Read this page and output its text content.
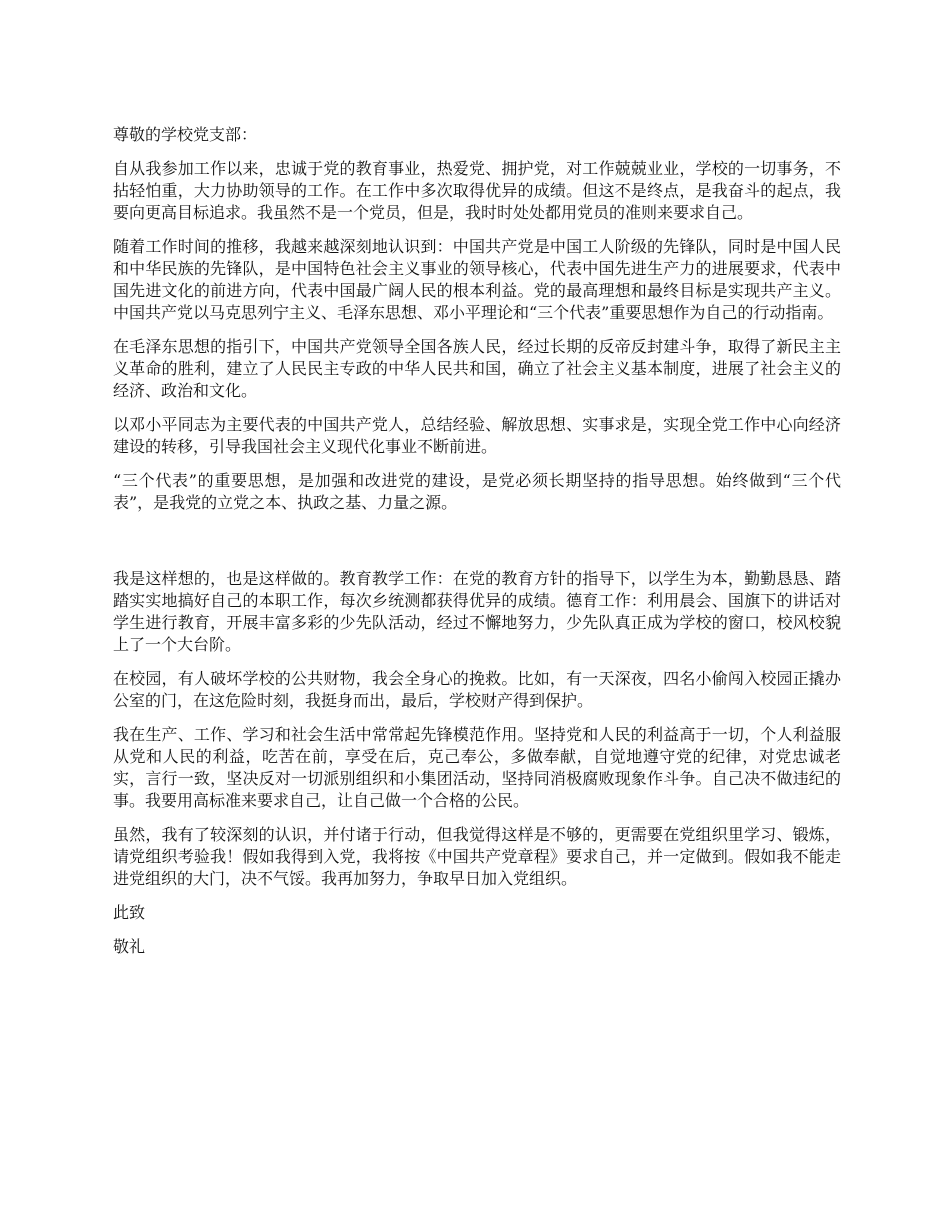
尊敬的学校党支部：

自从我参加工作以来，忠诚于党的教育事业，热爱党、拥护党，对工作兢兢业业，学校的一切事务，不拈轻怕重，大力协助领导的工作。在工作中多次取得优异的成绩。但这不是终点，是我奋斗的起点，我要向更高目标追求。我虽然不是一个党员，但是，我时时处处都用党员的准则来要求自己。

随着工作时间的推移，我越来越深刻地认识到：中国共产党是中国工人阶级的先锋队，同时是中国人民和中华民族的先锋队，是中国特色社会主义事业的领导核心，代表中国先进生产力的进展要求，代表中国先进文化的前进方向，代表中国最广阔人民的根本利益。党的最高理想和最终目标是实现共产主义。中国共产党以马克思列宁主义、毛泽东思想、邓小平理论和“三个代表”重要思想作为自己的行动指南。

在毛泽东思想的指引下，中国共产党领导全国各族人民，经过长期的反帝反封建斗争，取得了新民主主义革命的胜利，建立了人民民主专政的中华人民共和国，确立了社会主义基本制度，进展了社会主义的经济、政治和文化。

以邓小平同志为主要代表的中国共产党人，总结经验、解放思想、实事求是，实现全党工作中心向经济建设的转移，引导我国社会主义现代化事业不断前进。

“三个代表”的重要思想，是加强和改进党的建设，是党必须长期坚持的指导思想。始终做到“三个代表”，是我党的立党之本、执政之基、力量之源。

我是这样想的，也是这样做的。教育教学工作：在党的教育方针的指导下，以学生为本，勤勤恳恳、踏踏实实地搞好自己的本职工作，每次乡统测都获得优异的成绩。德育工作：利用晨会、国旗下的讲话对学生进行教育，开展丰富多彩的少先队活动，经过不懈地努力，少先队真正成为学校的窗口，校风校貌上了一个大台阶。

在校园，有人破坏学校的公共财物，我会全身心的挽救。比如，有一天深夜，四名小偷闯入校园正撬办公室的门，在这危险时刻，我挺身而出，最后，学校财产得到保护。

我在生产、工作、学习和社会生活中常常起先锋模范作用。坚持党和人民的利益高于一切，个人利益服从党和人民的利益，吃苦在前，享受在后，克己奉公，多做奉献，自觉地遵守党的纪律，对党忠诚老实，言行一致，坚决反对一切派别组织和小集团活动，坚持同消极腐败现象作斗争。自己决不做违纪的事。我要用高标准来要求自己，让自己做一个合格的公民。

虽然，我有了较深刻的认识，并付诸于行动，但我觉得这样是不够的，更需要在党组织里学习、锻炼，请党组织考验我！假如我得到入党，我将按《中国共产党章程》要求自己，并一定做到。假如我不能走进党组织的大门，决不气馁。我再加努力，争取早日加入党组织。

此致

敬礼
